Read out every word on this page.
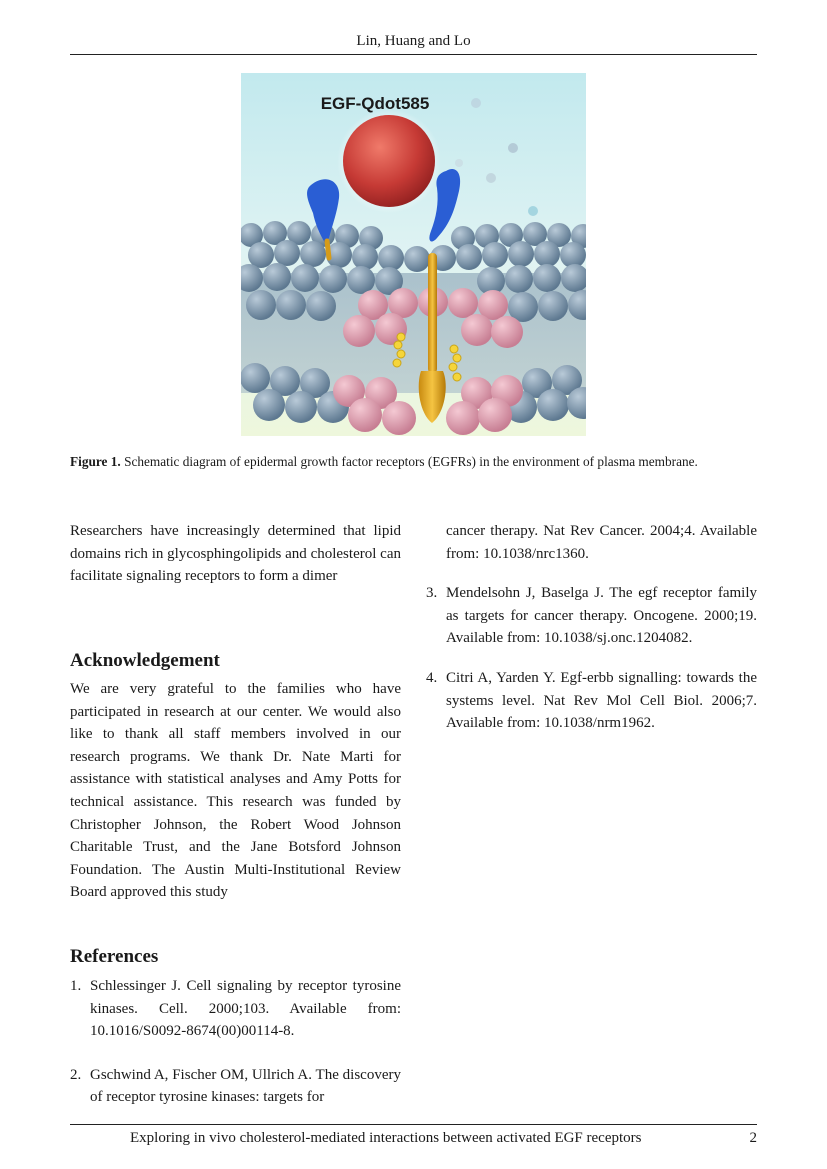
Lin, Huang and Lo
EGF-Qdot585
Figure 1. Schematic diagram of epidermal growth factor receptors (EGFRs) in the environment of plasma membrane.

Researchers have increasingly determined that lipid domains rich in glycosphingolipids and cholesterol can facilitate signaling receptors to form a dimer

Acknowledgement

We are very grateful to the families who have participated in research at our center. We would also like to thank all staff members involved in our research programs. We thank Dr. Nate Marti for assistance with statistical analyses and Amy Potts for technical assistance. This research was funded by Christopher Johnson, the Robert Wood Johnson Charitable Trust, and the Jane Botsford Johnson Foundation. The Austin Multi-Institutional Review Board approved this study

References
1. Schlessinger J. Cell signaling by receptor tyrosine kinases. Cell. 2000;103. Available from: 10.1016/S0092-8674(00)00114-8.
2. Gschwind A, Fischer OM, Ullrich A. The discovery of receptor tyrosine kinases: targets for
cancer therapy. Nat Rev Cancer. 2004;4. Available from: 10.1038/nrc1360.
3. Mendelsohn J, Baselga J. The egf receptor family as targets for cancer therapy. Oncogene. 2000;19. Available from: 10.1038/sj.onc.1204082.
4. Citri A, Yarden Y. Egf-erbb signalling: towards the systems level. Nat Rev Mol Cell Biol. 2006;7. Available from: 10.1038/nrm1962.
Exploring in vivo cholesterol-mediated interactions between activated EGF receptors	2
